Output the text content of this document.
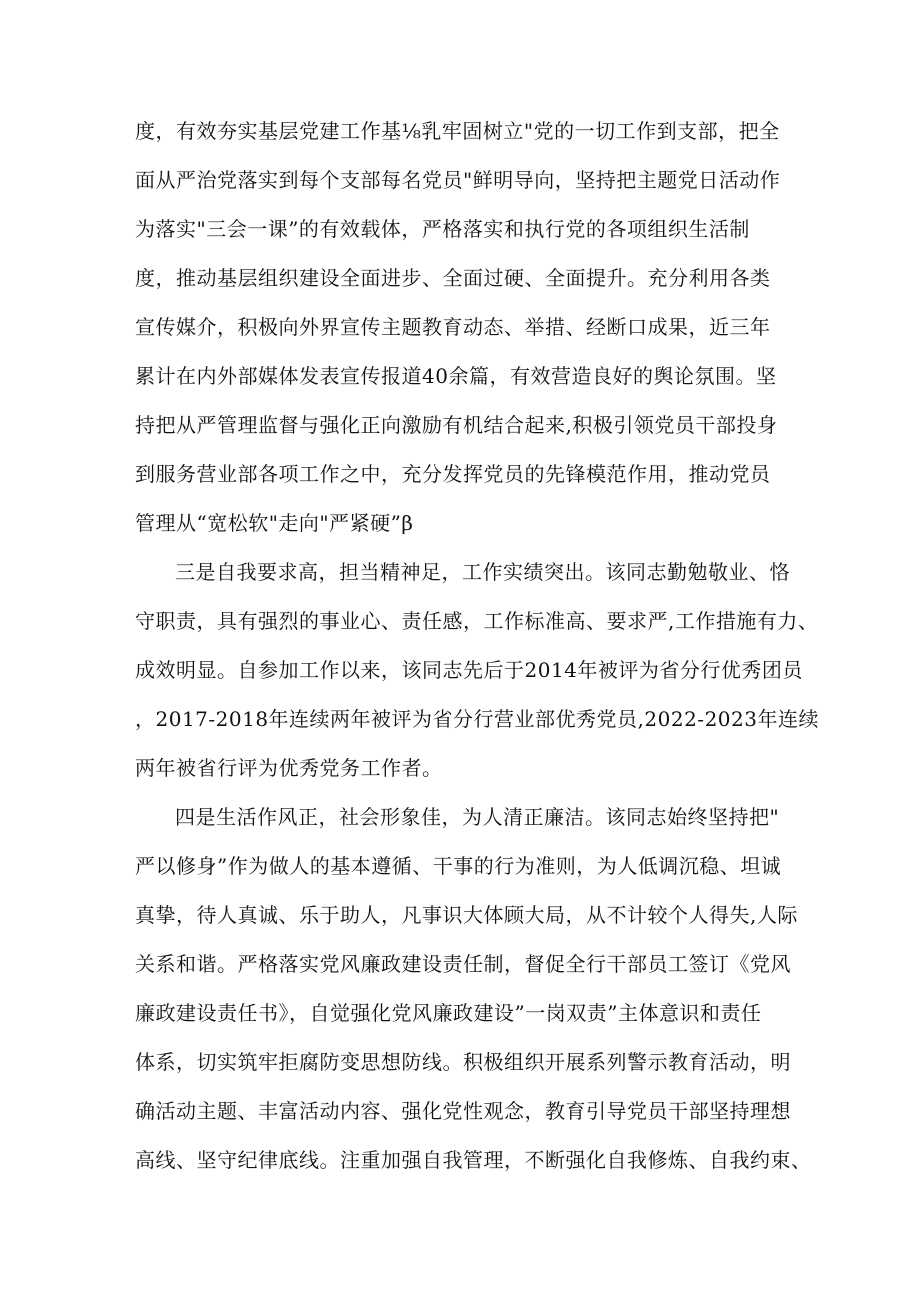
度，有效夯实基层党建工作基⅛乳牢固树立"党的一切工作到支部，把全
面从严治党落实到每个支部每名党员"鲜明导向，坚持把主题党日活动作
为落实"三会一课”的有效载体，严格落实和执行党的各项组织生活制
度，推动基层组织建设全面进步、全面过硬、全面提升。充分利用各类
宣传媒介，积极向外界宣传主题教育动态、举措、经断口成果，近三年
累计在内外部媒体发表宣传报道40余篇，有效营造良好的舆论氛围。坚
持把从严管理监督与强化正向激励有机结合起来,积极引领党员干部投身
到服务营业部各项工作之中，充分发挥党员的先锋模范作用，推动党员
管理从“宽松软"走向"严紧硬”β
三是自我要求高，担当精神足，工作实绩突出。该同志勤勉敬业、恪
守职责，具有强烈的事业心、责任感，工作标准高、要求严,工作措施有力、
成效明显。自参加工作以来，该同志先后于2014年被评为省分行优秀团员
，2017-2018年连续两年被评为省分行营业部优秀党员,2022-2023年连续
两年被省行评为优秀党务工作者。
四是生活作风正，社会形象佳，为人清正廉洁。该同志始终坚持把"
严以修身”作为做人的基本遵循、干事的行为准则，为人低调沉稳、坦诚
真挚，待人真诚、乐于助人，凡事识大体顾大局，从不计较个人得失,人际
关系和谐。严格落实党风廉政建设责任制，督促全行干部员工签订《党风
廉政建设责任书》，自觉强化党风廉政建设”一岗双责”主体意识和责任
体系，切实筑牢拒腐防变思想防线。积极组织开展系列警示教育活动，明
确活动主题、丰富活动内容、强化党性观念，教育引导党员干部坚持理想
高线、坚守纪律底线。注重加强自我管理，不断强化自我修炼、自我约束、
